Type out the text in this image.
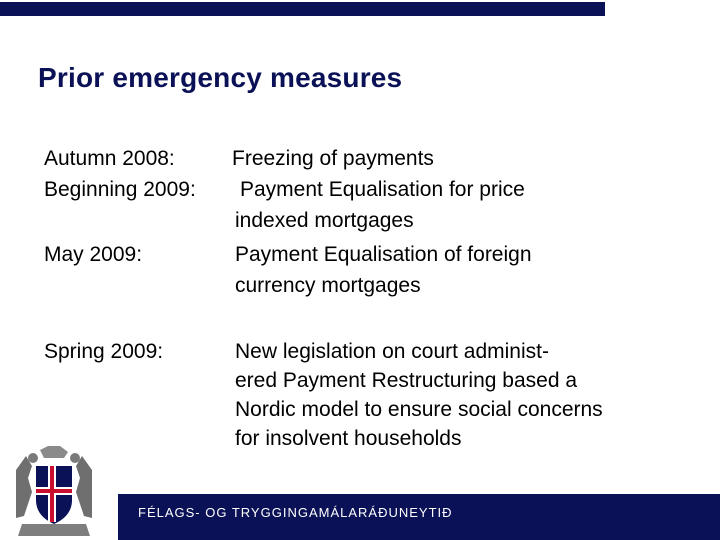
Prior emergency measures
Autumn 2008:	Freezing of payments
Beginning 2009: Payment Equalisation for price
indexed mortgages
May 2009:	Payment Equalisation of foreign
currency mortgages
Spring 2009:	New legislation on court administ-
ered Payment Restructuring based a
Nordic model to ensure social concerns
for insolvent households
FÉLAGS- OG TRYGGINGAMÁLARÁÐUNEYTIÐ
